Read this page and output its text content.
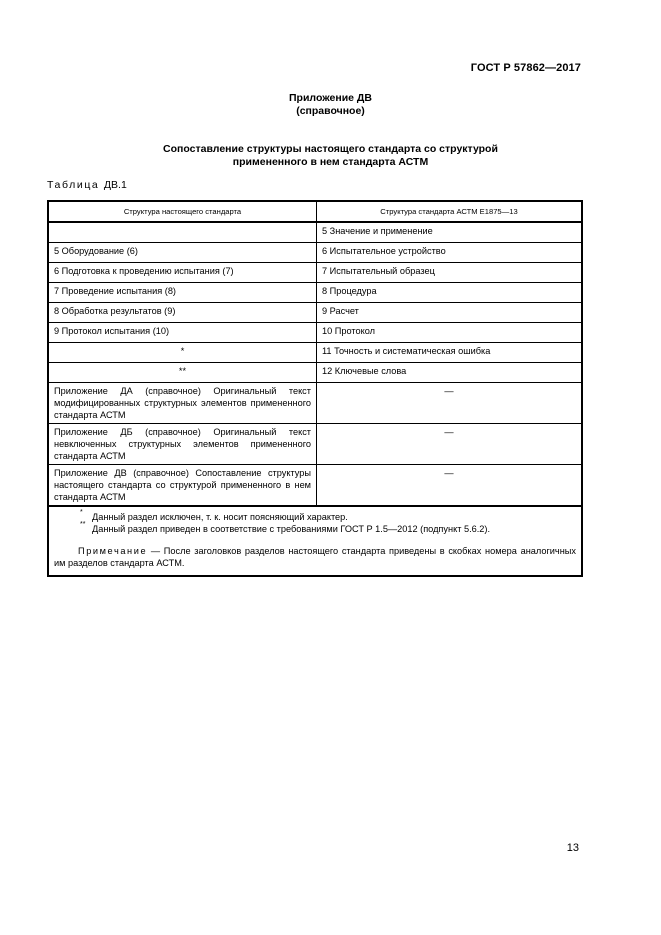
ГОСТ Р 57862—2017
Приложение ДВ
(справочное)
Сопоставление структуры настоящего стандарта со структурой
примененного в нем стандарта АСТМ
Таблица ДВ.1
Структура настоящего стандарта	Структура стандарта АСТМ E1875—13
	5 Значение и применение
5 Оборудование (6)	6 Испытательное устройство
6 Подготовка к проведению испытания (7)	7 Испытательный образец
7 Проведение испытания (8)	8 Процедура
8 Обработка результатов (9)	9 Расчет
9 Протокол испытания (10)	10 Протокол
*	11 Точность и систематическая ошибка
**	12 Ключевые слова
Приложение ДА (справочное) Оригинальный текст модифицированных структурных элементов примененного стандарта АСТМ	—
Приложение ДБ (справочное) Оригинальный текст невключенных структурных элементов примененного стандарта АСТМ	—
Приложение ДВ (справочное) Сопоставление структуры настоящего стандарта со структурой примененного в нем стандарта АСТМ	—

* Данный раздел исключен, т. к. носит поясняющий характер.
** Данный раздел приведен в соответствие с требованиями ГОСТ Р 1.5—2012 (подпункт 5.6.2).
Примечание — После заголовков разделов настоящего стандарта приведены в скобках номера аналогичных им разделов стандарта АСТМ.	
13
